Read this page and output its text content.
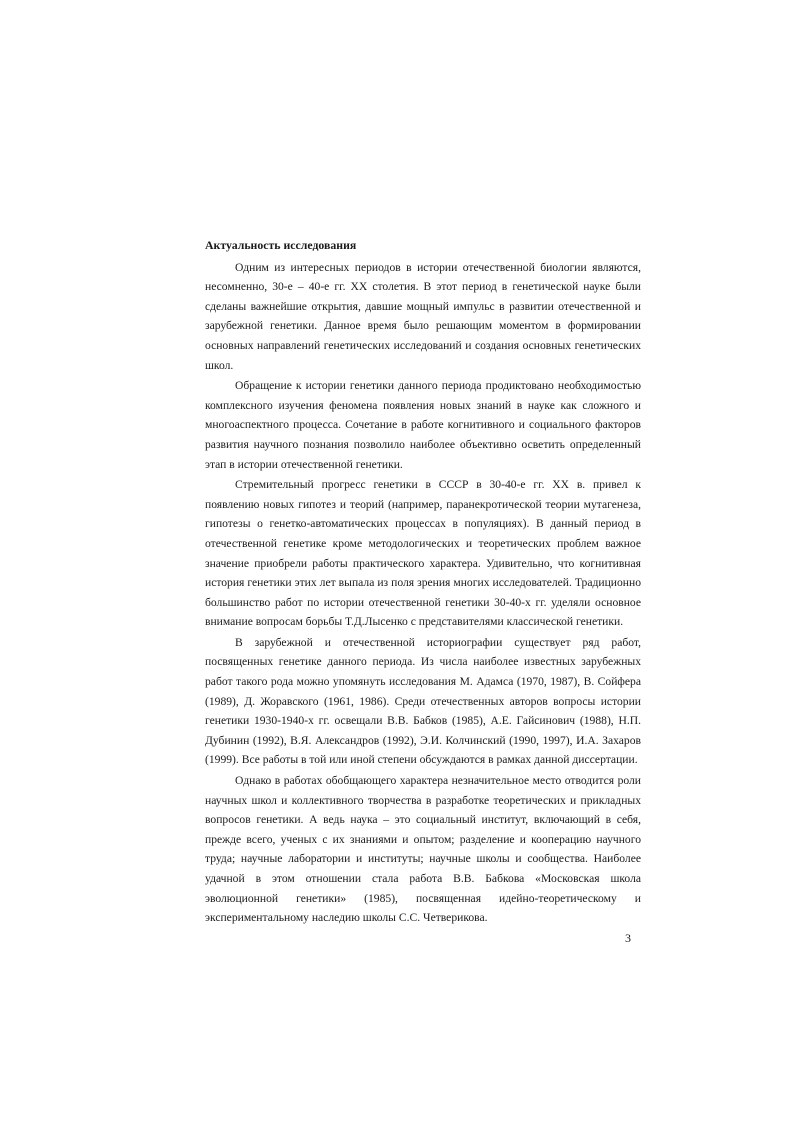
Актуальность исследования

Одним из интересных периодов в истории отечественной биологии являются, несомненно, 30-е – 40-е гг. XX столетия. В этот период в генетической науке были сделаны важнейшие открытия, давшие мощный импульс в развитии отечественной и зарубежной генетики. Данное время было решающим моментом в формировании основных направлений генетических исследований и создания основных генетических школ.

Обращение к истории генетики данного периода продиктовано необходимостью комплексного изучения феномена появления новых знаний в науке как сложного и многоаспектного процесса. Сочетание в работе когнитивного и социального факторов развития научного познания позволило наиболее объективно осветить определенный этап в истории отечественной генетики.

Стремительный прогресс генетики в СССР в 30-40-е гг. XX в. привел к появлению новых гипотез и теорий (например, паранекротической теории мутагенеза, гипотезы о генетко-автоматических процессах в популяциях). В данный период в отечественной генетике кроме методологических и теоретических проблем важное значение приобрели работы практического характера. Удивительно, что когнитивная история генетики этих лет выпала из поля зрения многих исследователей. Традиционно большинство работ по истории отечественной генетики 30-40-х гг. уделяли основное внимание вопросам борьбы Т.Д.Лысенко с представителями классической генетики.

В зарубежной и отечественной историографии существует ряд работ, посвященных генетике данного периода. Из числа наиболее известных зарубежных работ такого рода можно упомянуть исследования М. Адамса (1970, 1987), В. Сойфера (1989), Д. Жоравского (1961, 1986). Среди отечественных авторов вопросы истории генетики 1930-1940-х гг. освещали В.В. Бабков (1985), А.Е. Гайсинович (1988), Н.П. Дубинин (1992), В.Я. Александров (1992), Э.И. Колчинский (1990, 1997), И.А. Захаров (1999). Все работы в той или иной степени обсуждаются в рамках данной диссертации.

Однако в работах обобщающего характера незначительное место отводится роли научных школ и коллективного творчества в разработке теоретических и прикладных вопросов генетики. А ведь наука – это социальный институт, включающий в себя, прежде всего, ученых с их знаниями и опытом; разделение и кооперацию научного труда; научные лаборатории и институты; научные школы и сообщества. Наиболее удачной в этом отношении стала работа В.В. Бабкова «Московская школа эволюционной генетики» (1985), посвященная идейно-теоретическому и экспериментальному наследию школы С.С. Четверикова.

3
